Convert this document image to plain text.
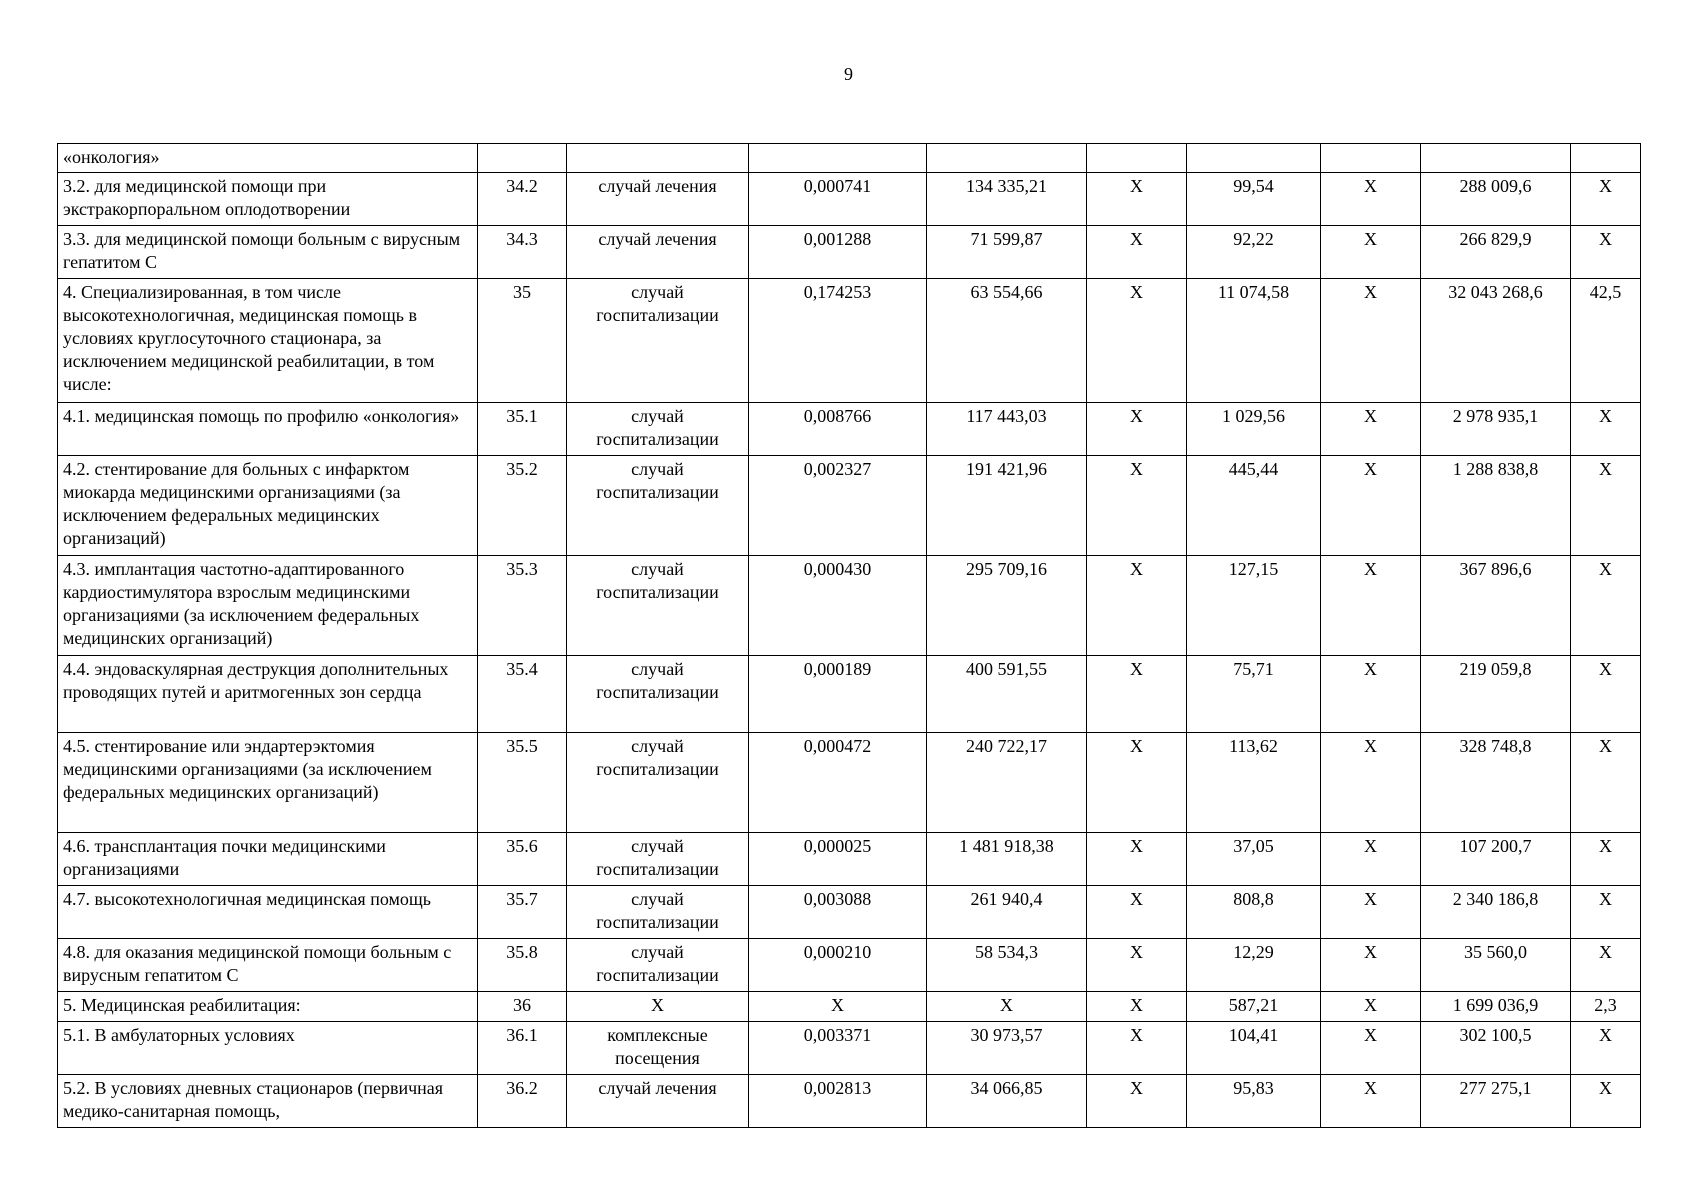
9
«онкология»									
3.2. для медицинской помощи при экстракорпоральном оплодотворении	34.2	случай лечения	0,000741	134 335,21	Х	99,54	Х	288 009,6	Х
3.3. для медицинской помощи больным с вирусным гепатитом С	34.3	случай лечения	0,001288	71 599,87	Х	92,22	Х	266 829,9	Х
4. Специализированная, в том числе высокотехнологичная, медицинская помощь в условиях круглосуточного стационара, за исключением медицинской реабилитации, в том числе:	35	случай госпитализации	0,174253	63 554,66	Х	11 074,58	Х	32 043 268,6	42,5
4.1. медицинская помощь по профилю «онкология»	35.1	случай госпитализации	0,008766	117 443,03	Х	1 029,56	Х	2 978 935,1	Х
4.2. стентирование для больных с инфарктом миокарда медицинскими организациями (за исключением федеральных медицинских организаций)	35.2	случай госпитализации	0,002327	191 421,96	Х	445,44	Х	1 288 838,8	Х
4.3. имплантация частотно-адаптированного кардиостимулятора взрослым медицинскими организациями (за исключением федеральных медицинских организаций)	35.3	случай госпитализации	0,000430	295 709,16	Х	127,15	Х	367 896,6	Х
4.4. эндоваскулярная деструкция дополнительных проводящих путей и аритмогенных зон сердца	35.4	случай госпитализации	0,000189	400 591,55	Х	75,71	Х	219 059,8	Х
4.5. стентирование или эндартерэктомия медицинскими организациями (за исключением федеральных медицинских организаций)	35.5	случай госпитализации	0,000472	240 722,17	Х	113,62	Х	328 748,8	Х
4.6. трансплантация почки медицинскими организациями	35.6	случай госпитализации	0,000025	1 481 918,38	Х	37,05	Х	107 200,7	Х
4.7. высокотехнологичная медицинская помощь	35.7	случай госпитализации	0,003088	261 940,4	Х	808,8	Х	2 340 186,8	Х
4.8. для оказания медицинской помощи больным с вирусным гепатитом С	35.8	случай госпитализации	0,000210	58 534,3	Х	12,29	Х	35 560,0	Х
5. Медицинская реабилитация:	36	Х	Х	Х	Х	587,21	Х	1 699 036,9	2,3
5.1. В амбулаторных условиях	36.1	комплексные посещения	0,003371	30 973,57	Х	104,41	Х	302 100,5	Х
5.2. В условиях дневных стационаров (первичная медико-санитарная помощь,	36.2	случай лечения	0,002813	34 066,85	Х	95,83	Х	277 275,1	Х
